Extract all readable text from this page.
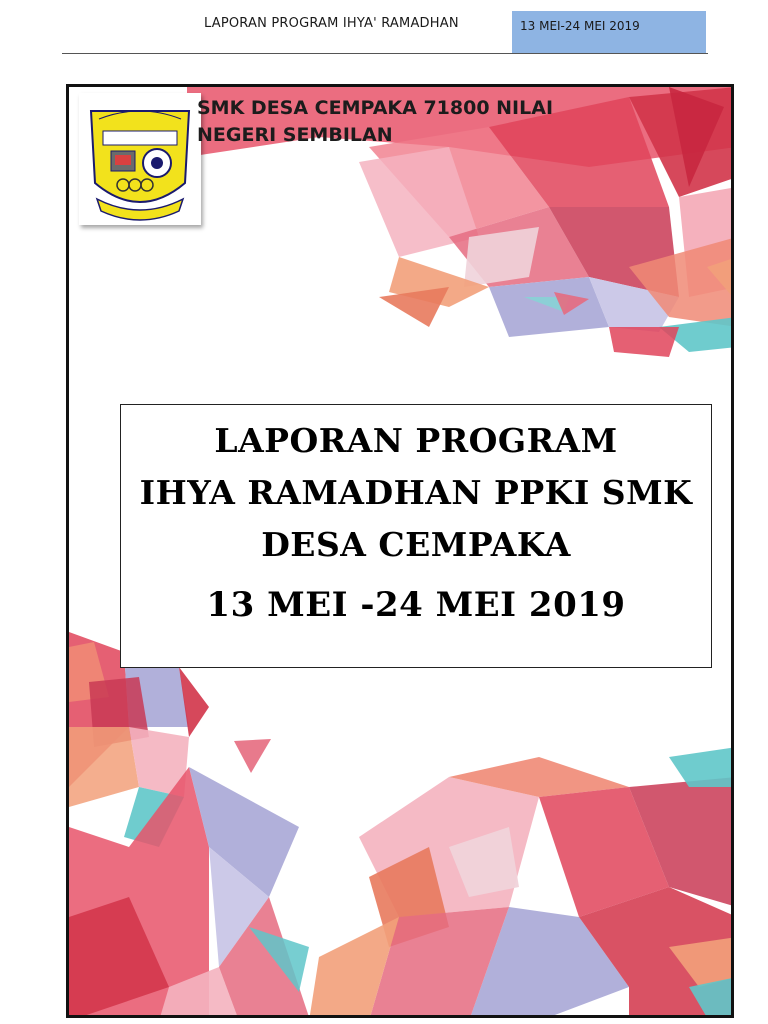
LAPORAN PROGRAM IHYA' RAMADHAN	13 MEI-24 MEI 2019
SMK DESA CEMPAKA 71800 NILAI
NEGERI SEMBILAN
LAPORAN PROGRAM
IHYA RAMADHAN PPKI SMK
DESA CEMPAKA
13 MEI -24 MEI 2019
